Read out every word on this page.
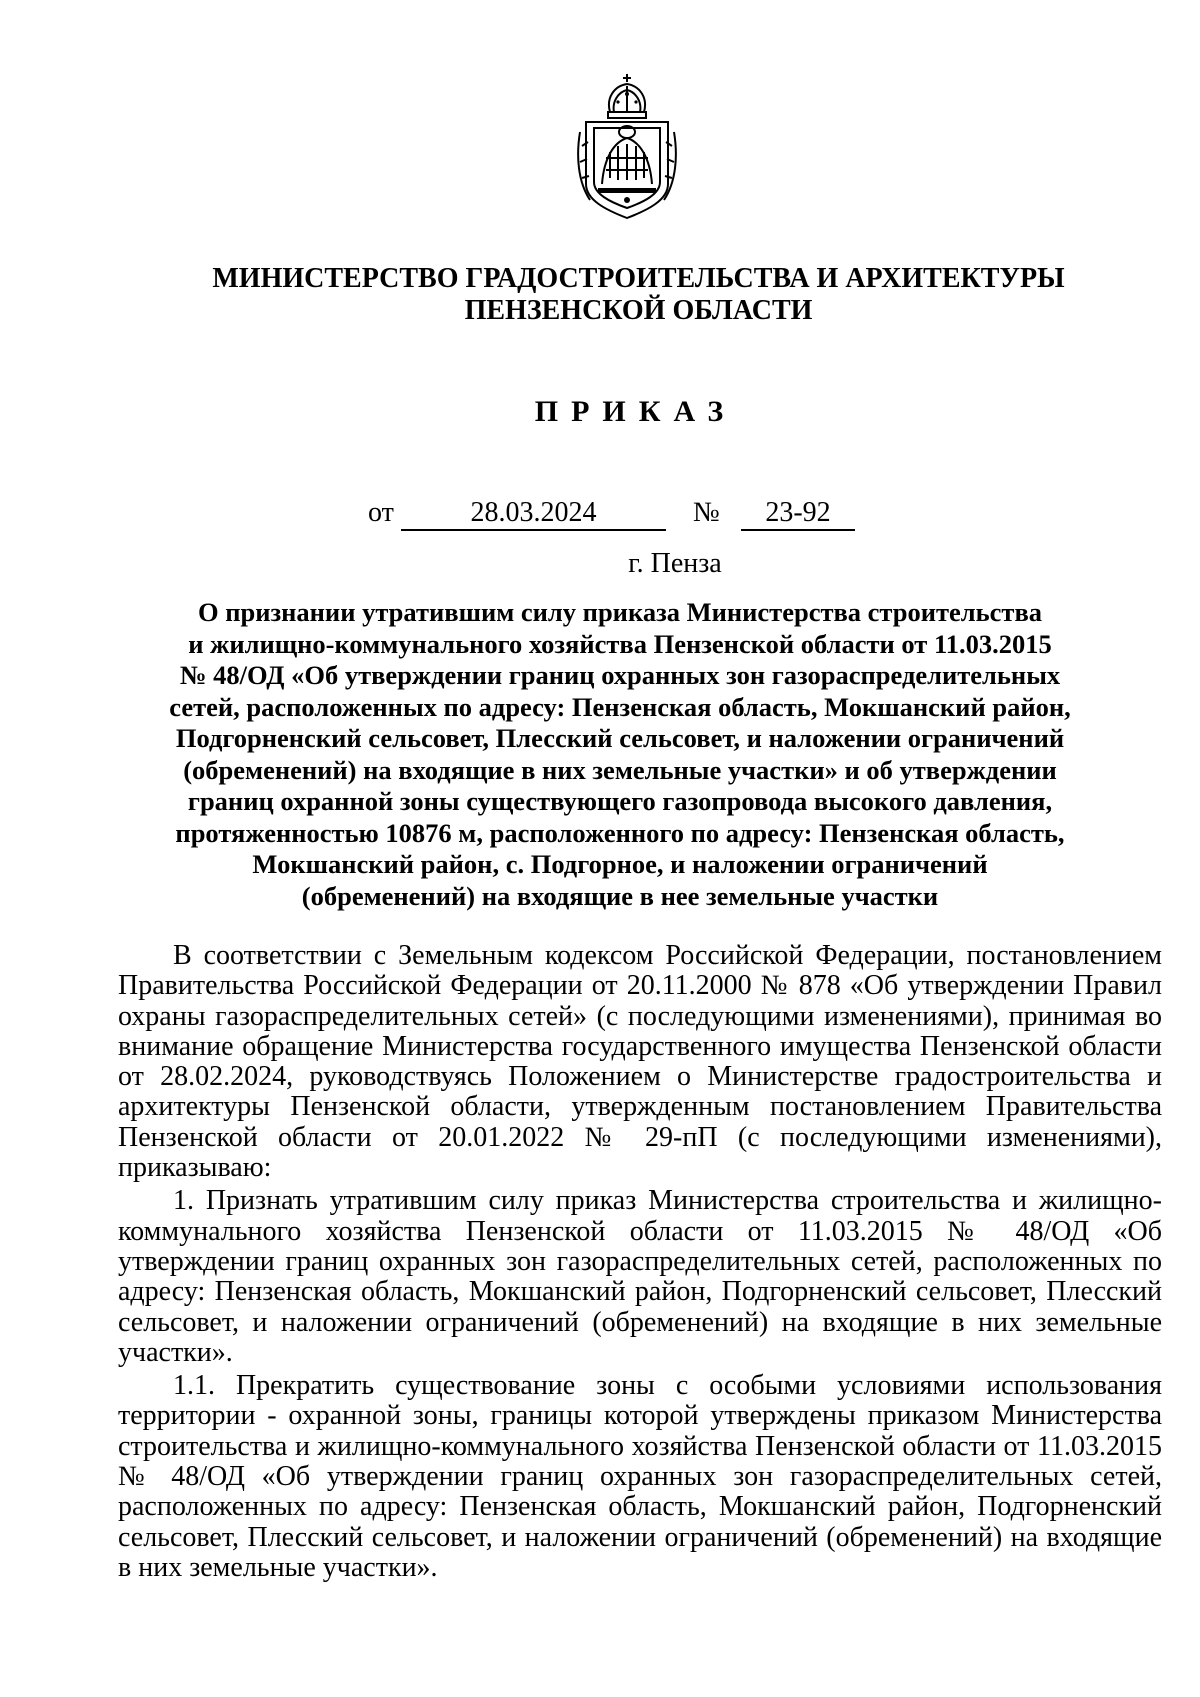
МИНИСТЕРСТВО ГРАДОСТРОИТЕЛЬСТВА И АРХИТЕКТУРЫ
ПЕНЗЕНСКОЙ ОБЛАСТИ
ПРИКАЗ
от	28.03.2024	№	23-92
г. Пенза
О признании утратившим силу приказа Министерства строительства
и жилищно-коммунального хозяйства Пензенской области от 11.03.2015
№ 48/ОД «Об утверждении границ охранных зон газораспределительных
сетей, расположенных по адресу: Пензенская область, Мокшанский район,
Подгорненский сельсовет, Плесский сельсовет, и наложении ограничений
(обременений) на входящие в них земельные участки» и об утверждении
границ охранной зоны существующего газопровода высокого давления,
протяженностью 10876 м, расположенного по адресу: Пензенская область,
Мокшанский район, с. Подгорное, и наложении ограничений
(обременений) на входящие в нее земельные участки

В соответствии с Земельным кодексом Российской Федерации, постановлением Правительства Российской Федерации от 20.11.2000 № 878 «Об утверждении Правил охраны газораспределительных сетей» (с последующими изменениями), принимая во внимание обращение Министерства государственного имущества Пензенской области от 28.02.2024, руководствуясь Положением о Министерстве градостроительства и архитектуры Пензенской области, утвержденным постановлением Правительства Пензенской области от 20.01.2022 № 29-пП (с последующими изменениями), приказываю:

1. Признать утратившим силу приказ Министерства строительства и жилищно-коммунального хозяйства Пензенской области от 11.03.2015 № 48/ОД «Об утверждении границ охранных зон газораспределительных сетей, расположенных по адресу: Пензенская область, Мокшанский район, Подгорненский сельсовет, Плесский сельсовет, и наложении ограничений (обременений) на входящие в них земельные участки».

1.1. Прекратить существование зоны с особыми условиями использования территории - охранной зоны, границы которой утверждены приказом Министерства строительства и жилищно-коммунального хозяйства Пензенской области от 11.03.2015 № 48/ОД «Об утверждении границ охранных зон газораспределительных сетей, расположенных по адресу: Пензенская область, Мокшанский район, Подгорненский сельсовет, Плесский сельсовет, и наложении ограничений (обременений) на входящие в них земельные участки».
